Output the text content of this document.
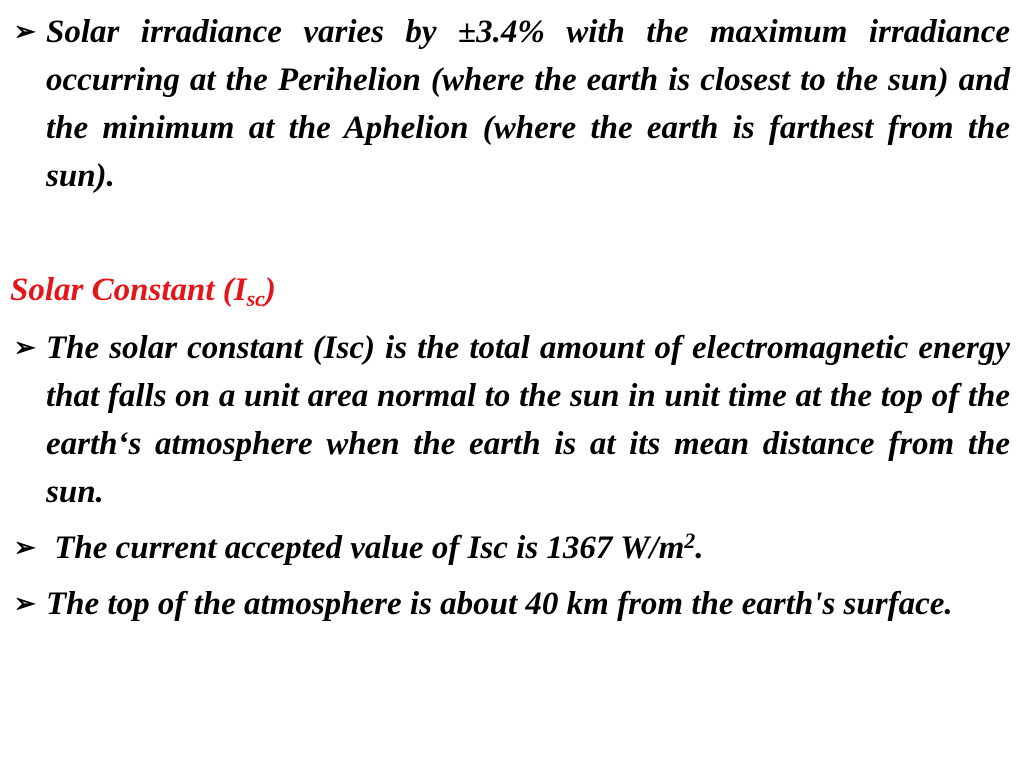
➢ Solar irradiance varies by ±3.4% with the maximum irradiance occurring at the Perihelion (where the earth is closest to the sun) and the minimum at the Aphelion (where the earth is farthest from the sun).
Solar Constant $(I_{sc})$
➢ The solar constant (Isc) is the total amount of electromagnetic energy that falls on a unit area normal to the sun in unit time at the top of the earth‘s atmosphere when the earth is at its mean distance from the sun.
➢ The current accepted value of Isc is 1367 $W/m^2$.
➢ The top of the atmosphere is about 40 km from the earth's surface.
